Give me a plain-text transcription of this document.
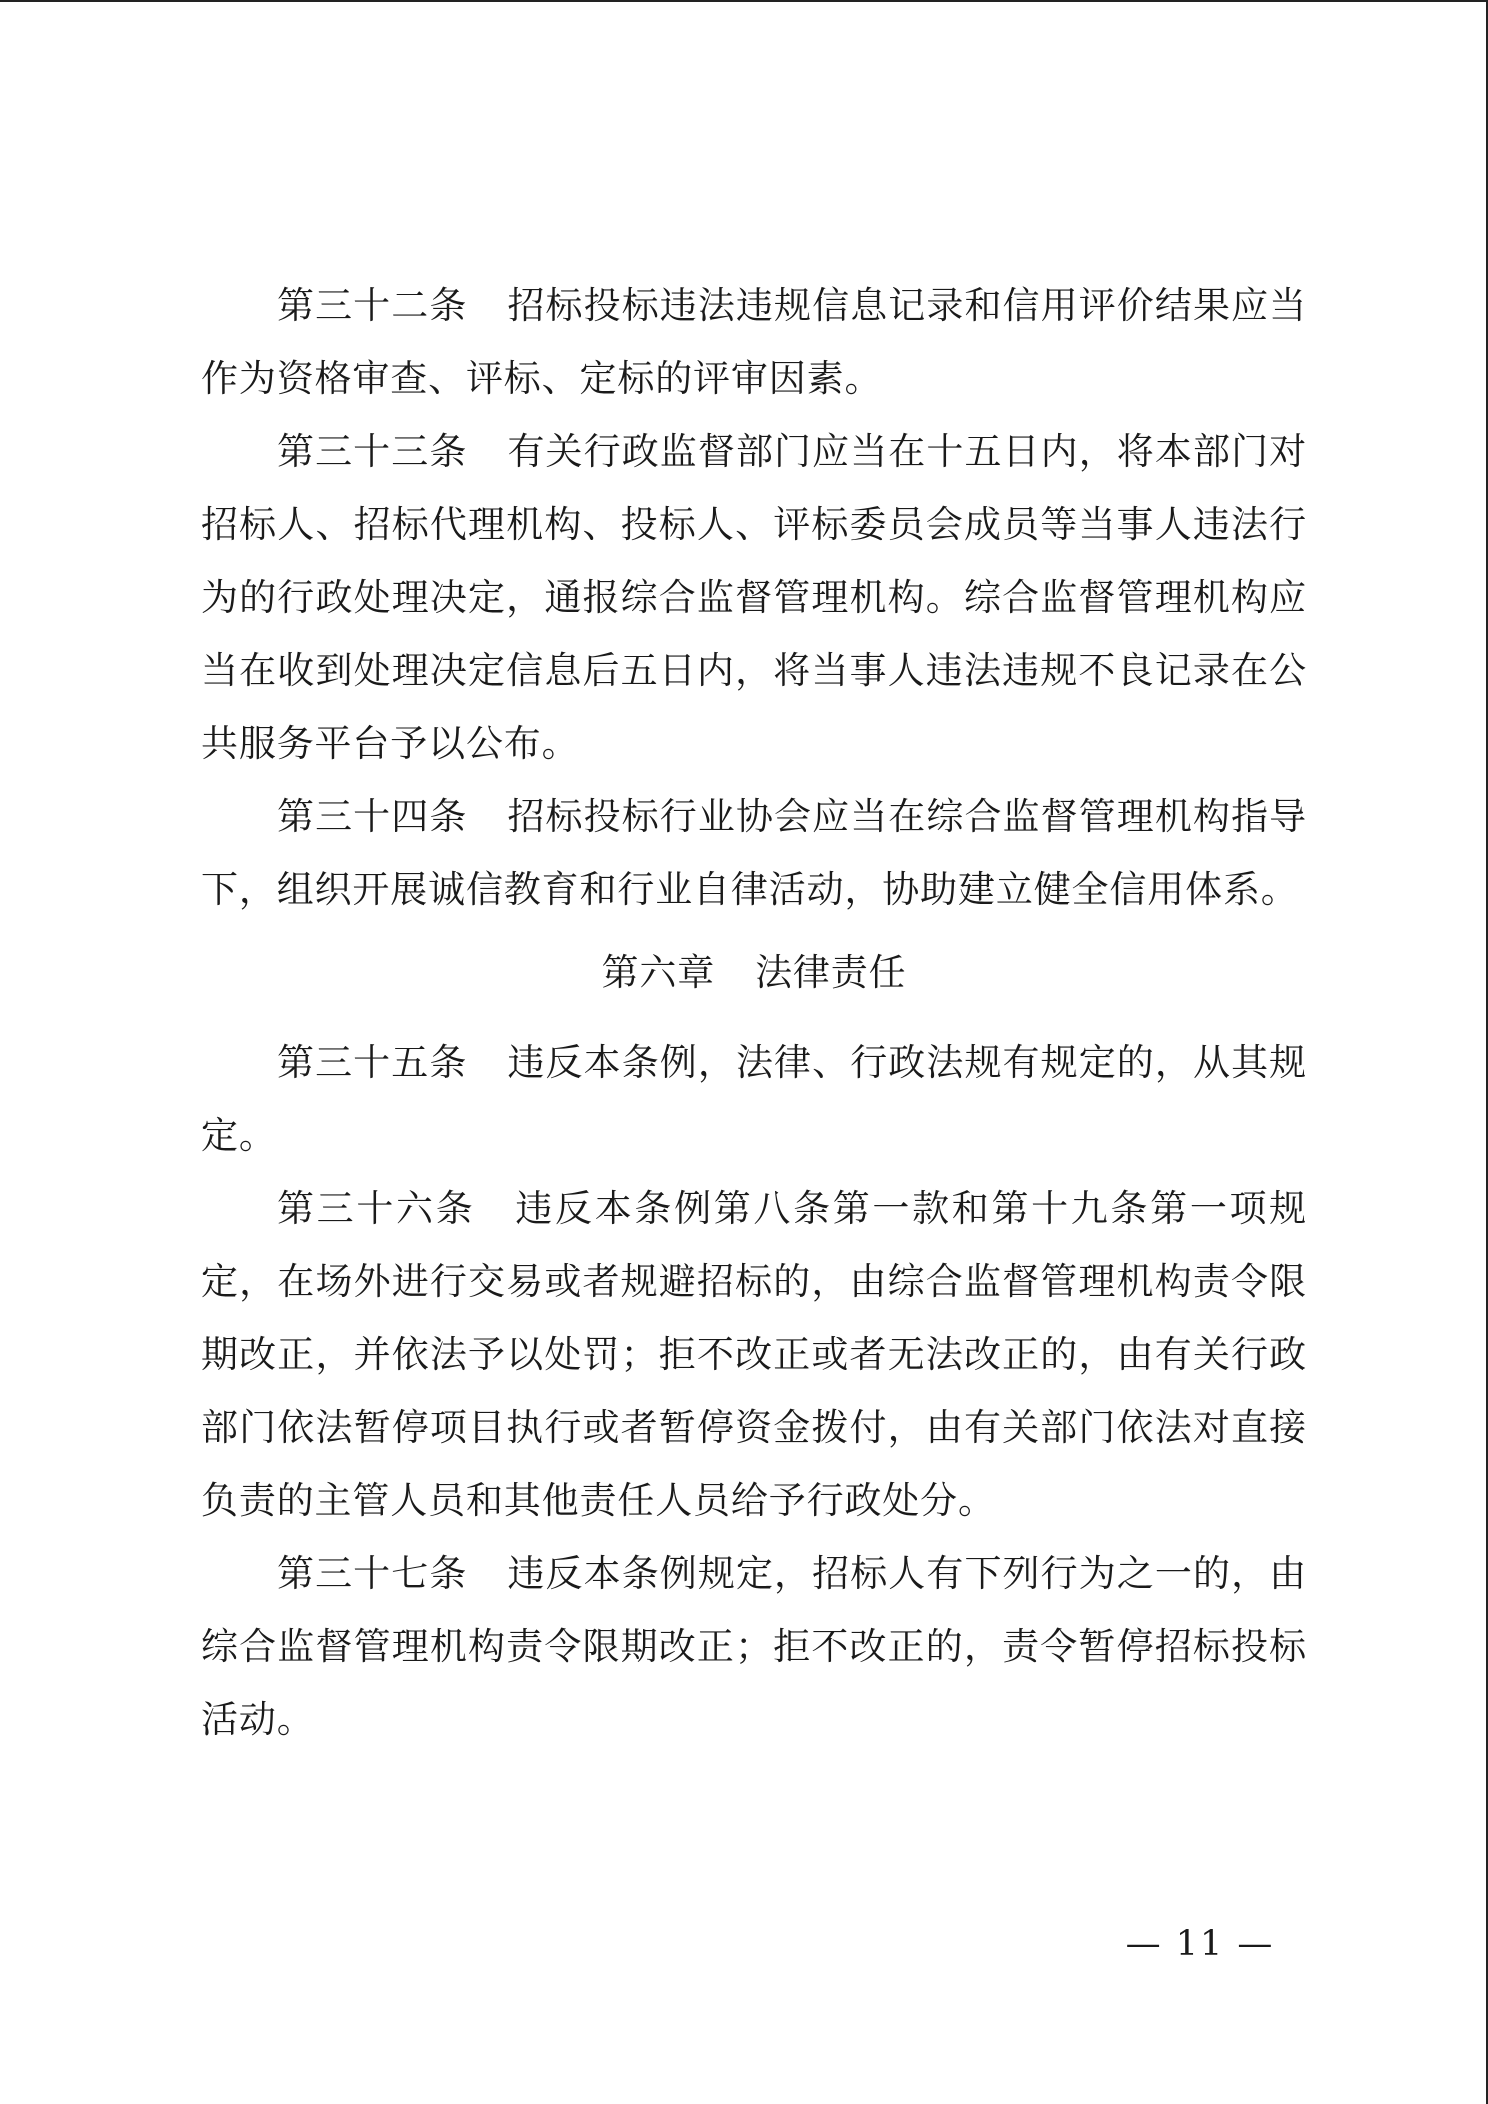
第三十二条 招标投标违法违规信息记录和信用评价结果应当作为资格审查、评标、定标的评审因素。

第三十三条 有关行政监督部门应当在十五日内，将本部门对招标人、招标代理机构、投标人、评标委员会成员等当事人违法行为的行政处理决定，通报综合监督管理机构。综合监督管理机构应当在收到处理决定信息后五日内，将当事人违法违规不良记录在公共服务平台予以公布。

第三十四条 招标投标行业协会应当在综合监督管理机构指导下，组织开展诚信教育和行业自律活动，协助建立健全信用体系。

第六章 法律责任

第三十五条 违反本条例，法律、行政法规有规定的，从其规定。

第三十六条 违反本条例第八条第一款和第十九条第一项规定，在场外进行交易或者规避招标的，由综合监督管理机构责令限期改正，并依法予以处罚；拒不改正或者无法改正的，由有关行政部门依法暂停项目执行或者暂停资金拨付，由有关部门依法对直接负责的主管人员和其他责任人员给予行政处分。

第三十七条 违反本条例规定，招标人有下列行为之一的，由综合监督管理机构责令限期改正；拒不改正的，责令暂停招标投标活动。

— 11 —
